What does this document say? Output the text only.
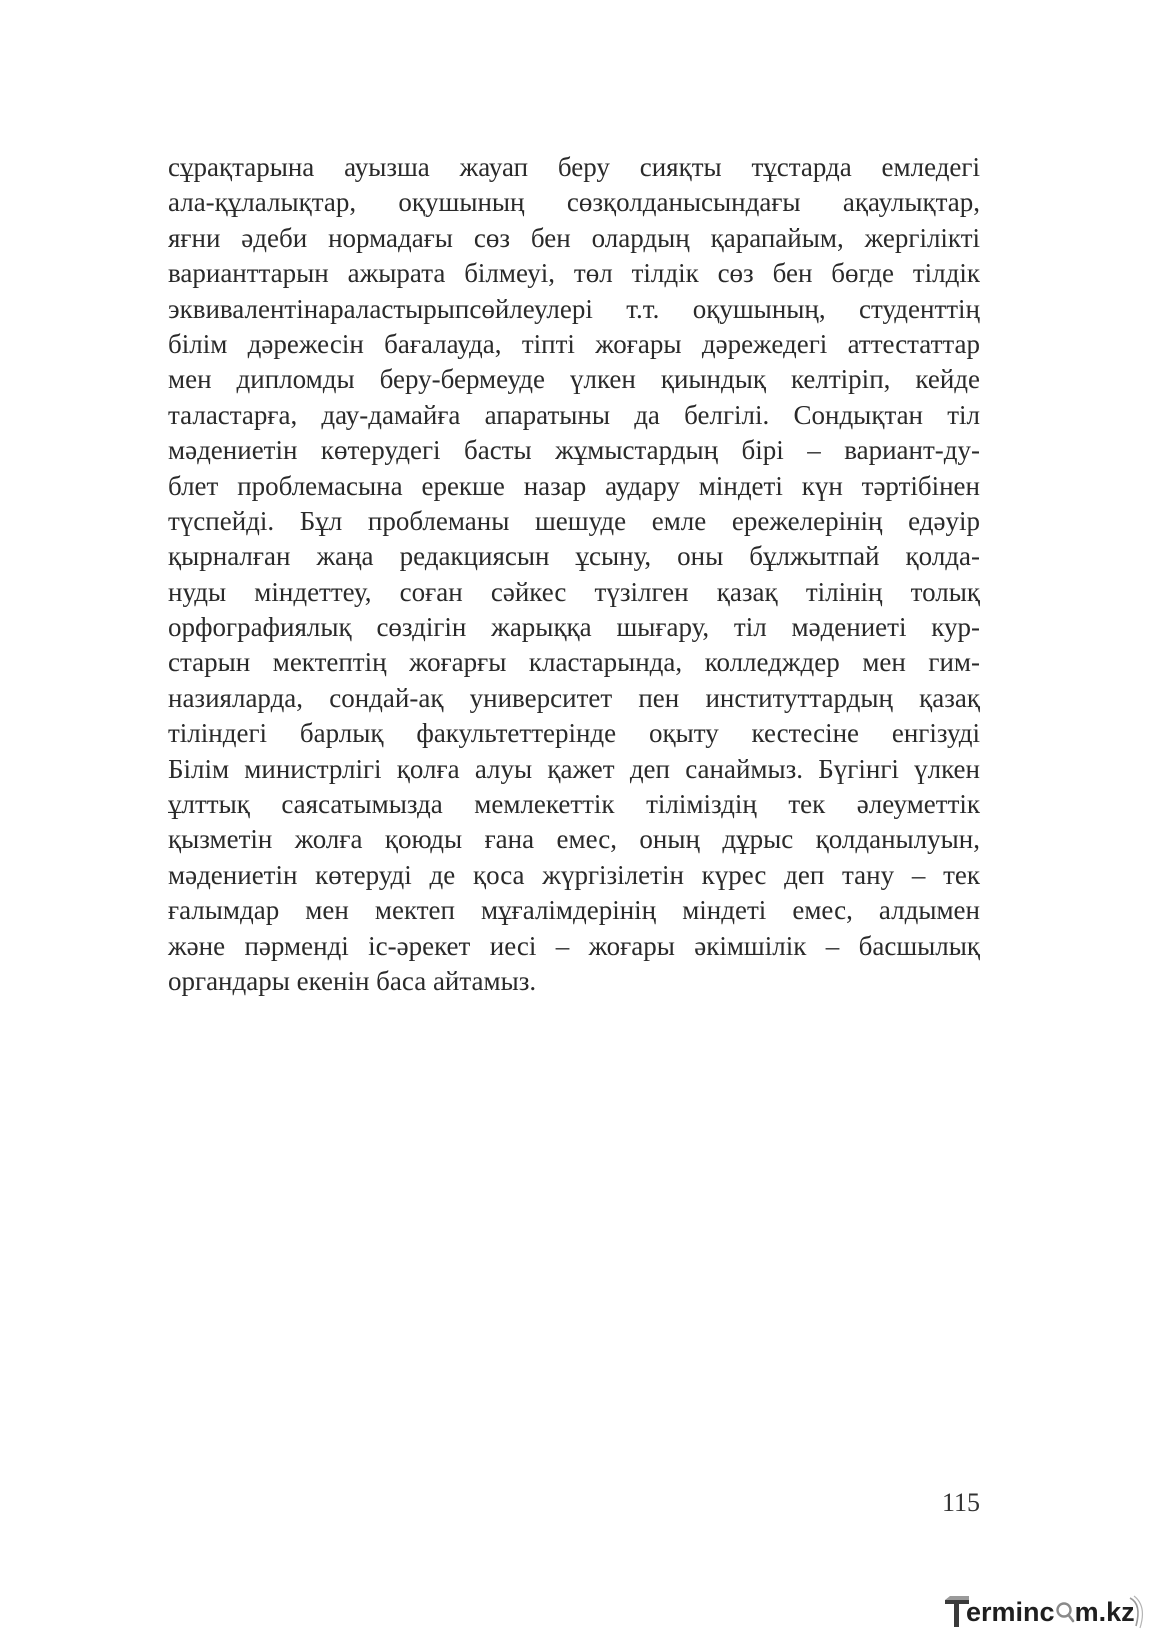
сұрақтарына ауызша жауап беру сияқты тұстарда емледегі
ала-құлалықтар, оқушының сөзқолданысындағы ақаулықтар,
яғни әдеби нормадағы сөз бен олардың қарапайым, жергілікті
варианттарын ажырата білмеуі, төл тілдік сөз бен бөгде тілдік
эквивалентінараластырыпсөйлеулері т.т. оқушының, студенттің
білім дәрежесін бағалауда, тіпті жоғары дәрежедегі аттестаттар
мен дипломды беру-бермеуде үлкен қиындық келтіріп, кейде
таластарға, дау-дамайға апаратыны да белгілі. Сондықтан тіл
мәдениетін көтерудегі басты жұмыстардың бірі – вариант-ду-
блет проблемасына ерекше назар аудару міндеті күн тәртібінен
түспейді. Бұл проблеманы шешуде емле ережелерінің едәуір
қырналған жаңа редакциясын ұсыну, оны бұлжытпай қолда-
нуды міндеттеу, соған сәйкес түзілген қазақ тілінің толық
орфографиялық сөздігін жарыққа шығару, тіл мәдениеті кур-
старын мектептің жоғарғы кластарында, колледждер мен гим-
назияларда, сондай-ақ университет пен институттардың қазақ
тіліндегі барлық факультеттерінде оқыту кестесіне енгізуді
Білім министрлігі қолға алуы қажет деп санаймыз. Бүгінгі үлкен
ұлттық саясатымызда мемлекеттік тіліміздің тек әлеуметтік
қызметін жолға қоюды ғана емес, оның дұрыс қолданылуын,
мәдениетін көтеруді де қоса жүргізілетін күрес деп тану – тек
ғалымдар мен мектеп мұғалімдерінің міндеті емес, алдымен
және пәрменді іс-әрекет иесі – жоғары әкімшілік – басшылық
органдары екенін баса айтамыз.
115
erminc m.kz
